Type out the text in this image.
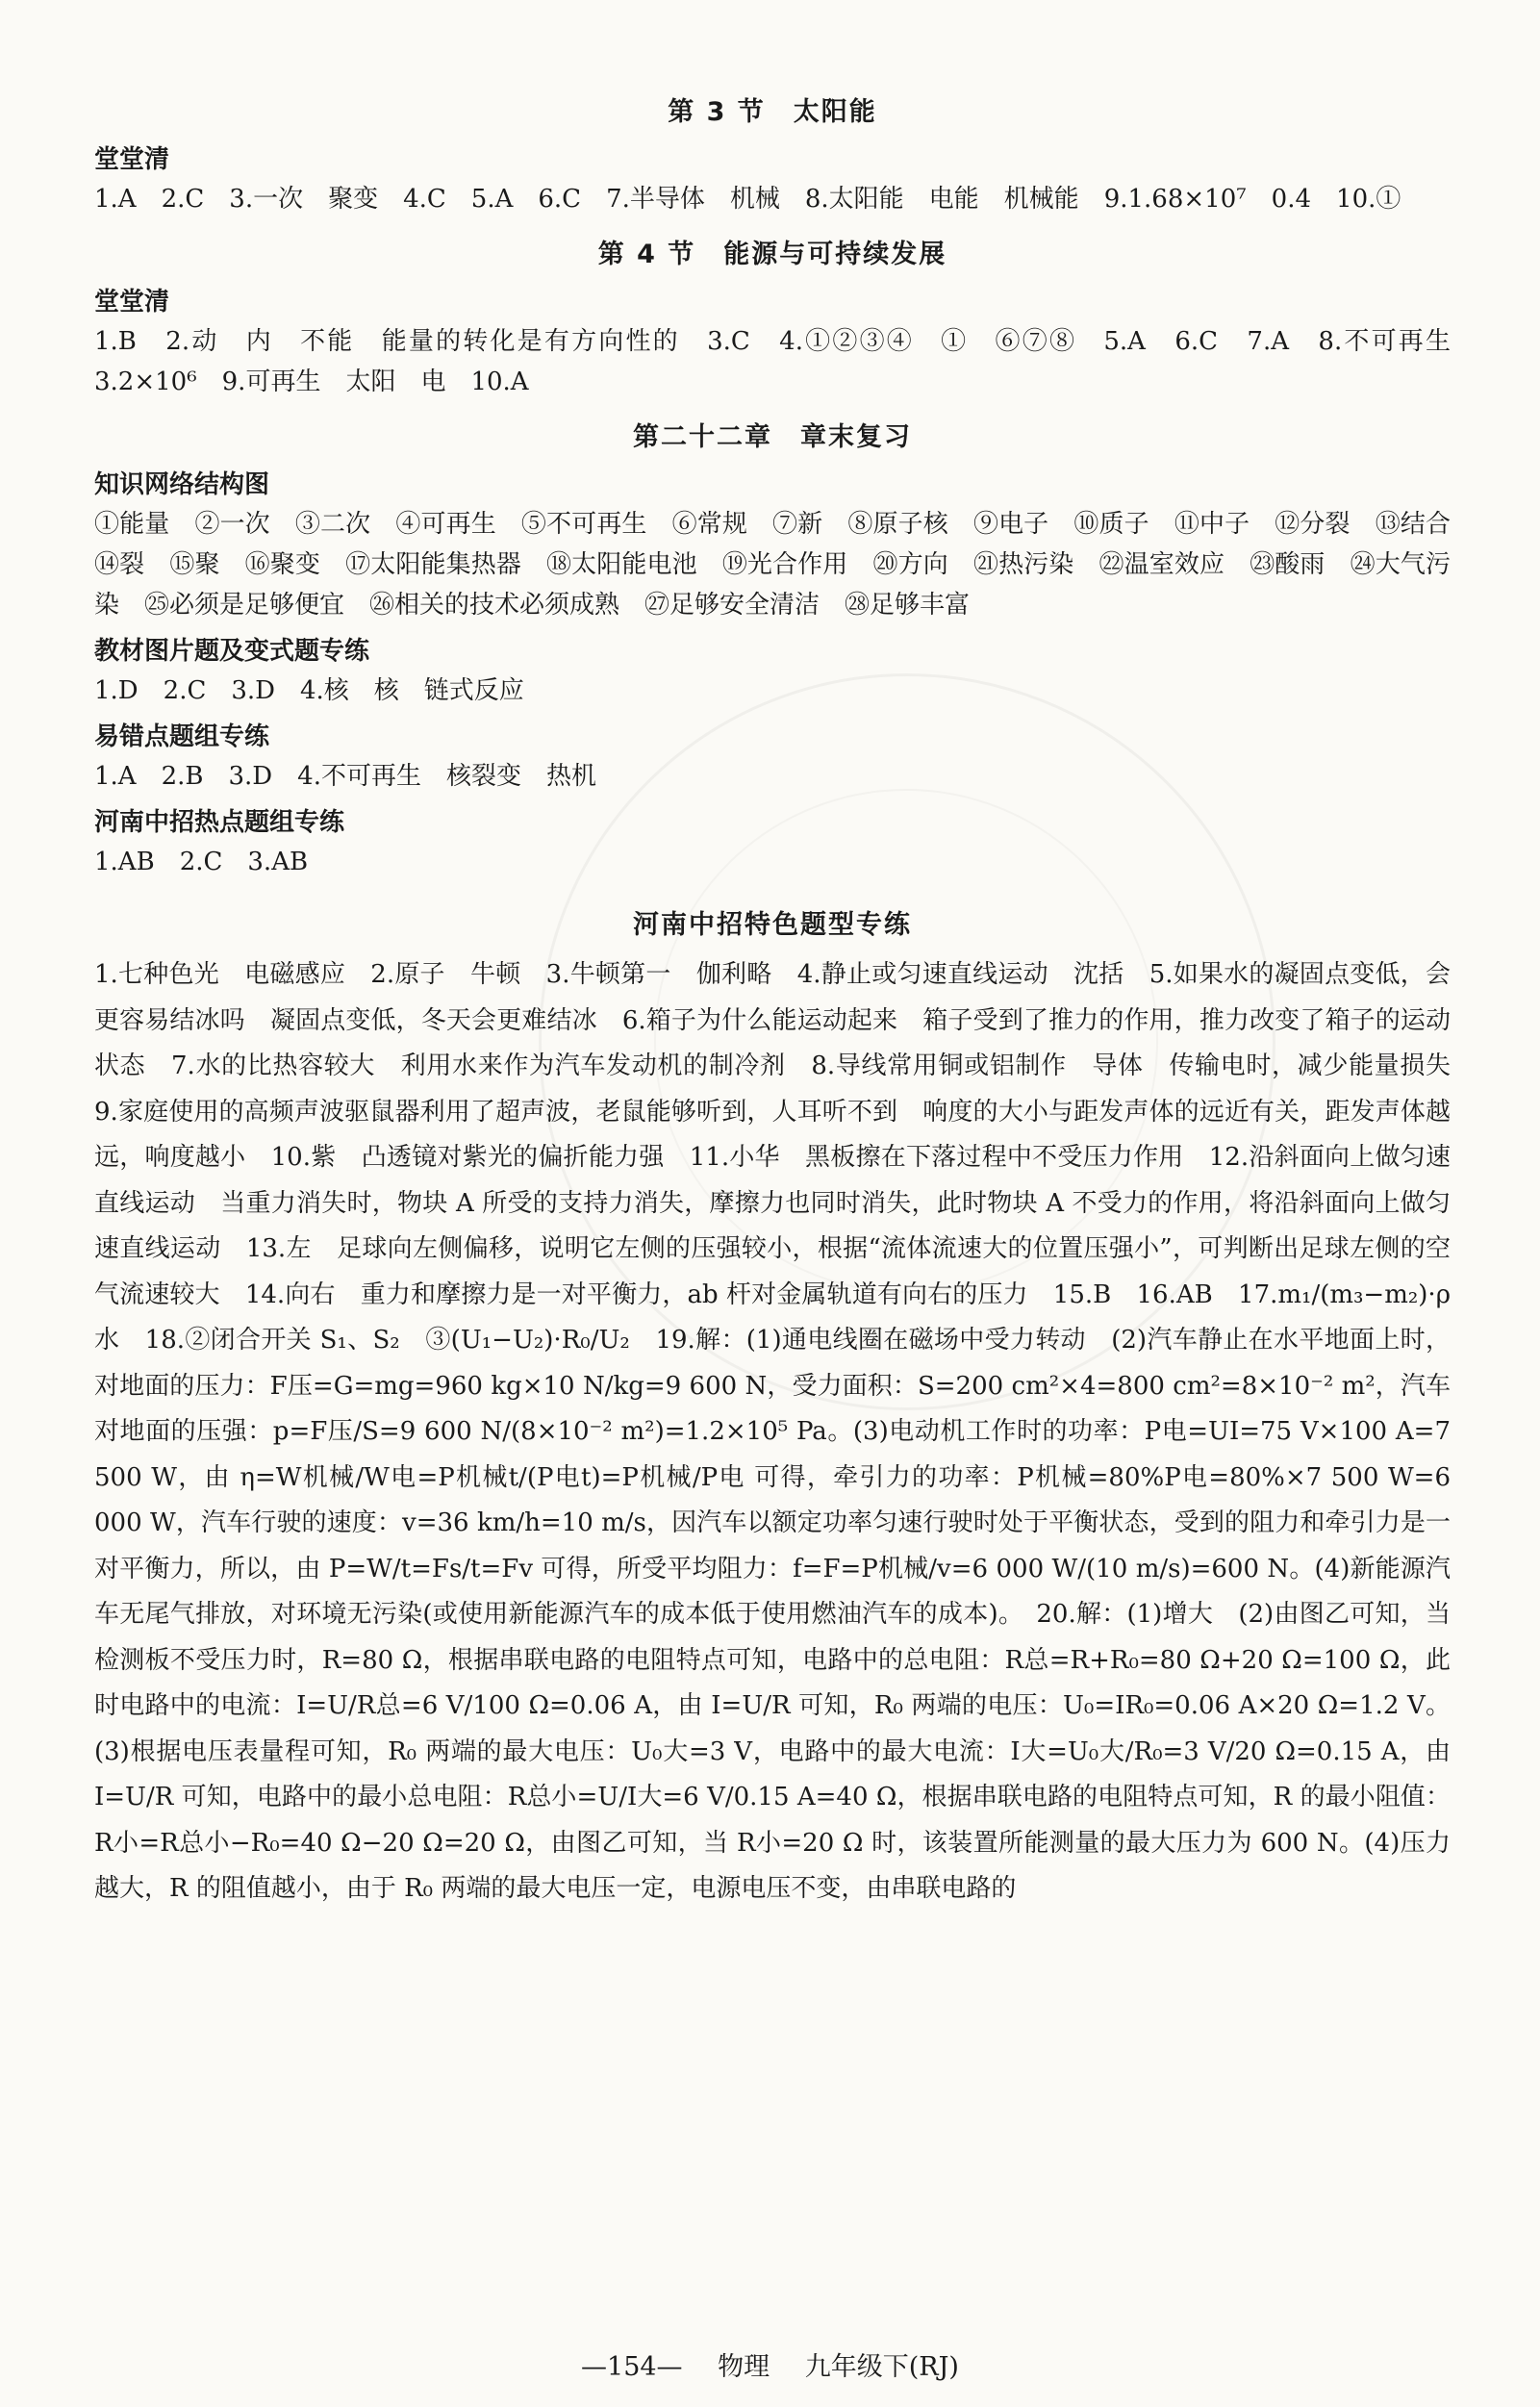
第 3 节　太阳能
堂堂清

1.A　2.C　3.一次　聚变　4.C　5.A　6.C　7.半导体　机械　8.太阳能　电能　机械能　9.1.68×10⁷　0.4　10.①

第 4 节　能源与可持续发展
堂堂清

1.B　2.动　内　不能　能量的转化是有方向性的　3.C　4.①②③④　①　⑥⑦⑧　5.A　6.C　7.A　8.不可再生　3.2×10⁶　9.可再生　太阳　电　10.A

第二十二章　章末复习
知识网络结构图

①能量　②一次　③二次　④可再生　⑤不可再生　⑥常规　⑦新　⑧原子核　⑨电子　⑩质子　⑪中子　⑫分裂　⑬结合　⑭裂　⑮聚　⑯聚变　⑰太阳能集热器　⑱太阳能电池　⑲光合作用　⑳方向　㉑热污染　㉒温室效应　㉓酸雨　㉔大气污染　㉕必须是足够便宜　㉖相关的技术必须成熟　㉗足够安全清洁　㉘足够丰富

教材图片题及变式题专练

1.D　2.C　3.D　4.核　核　链式反应

易错点题组专练

1.A　2.B　3.D　4.不可再生　核裂变　热机

河南中招热点题组专练

1.AB　2.C　3.AB

河南中招特色题型专练

1.七种色光　电磁感应　2.原子　牛顿　3.牛顿第一　伽利略　4.静止或匀速直线运动　沈括　5.如果水的凝固点变低，会更容易结冰吗　凝固点变低，冬天会更难结冰　6.箱子为什么能运动起来　箱子受到了推力的作用，推力改变了箱子的运动状态　7.水的比热容较大　利用水来作为汽车发动机的制冷剂　8.导线常用铜或铝制作　导体　传输电时，减少能量损失　9.家庭使用的高频声波驱鼠器利用了超声波，老鼠能够听到，人耳听不到　响度的大小与距发声体的远近有关，距发声体越远，响度越小　10.紫　凸透镜对紫光的偏折能力强　11.小华　黑板擦在下落过程中不受压力作用　12.沿斜面向上做匀速直线运动　当重力消失时，物块 A 所受的支持力消失，摩擦力也同时消失，此时物块 A 不受力的作用，将沿斜面向上做匀速直线运动　13.左　足球向左侧偏移，说明它左侧的压强较小，根据“流体流速大的位置压强小”，可判断出足球左侧的空气流速较大　14.向右　重力和摩擦力是一对平衡力，ab 杆对金属轨道有向右的压力　15.B　16.AB　17.m₁/(m₃−m₂)·ρ水　18.②闭合开关 S₁、S₂　③(U₁−U₂)·R₀/U₂　19.解：(1)通电线圈在磁场中受力转动　(2)汽车静止在水平地面上时，对地面的压力：F压=G=mg=960 kg×10 N/kg=9 600 N，受力面积：S=200 cm²×4=800 cm²=8×10⁻² m²，汽车对地面的压强：p=F压/S=9 600 N/(8×10⁻² m²)=1.2×10⁵ Pa。(3)电动机工作时的功率：P电=UI=75 V×100 A=7 500 W，由 η=W机械/W电=P机械t/(P电t)=P机械/P电 可得，牵引力的功率：P机械=80%P电=80%×7 500 W=6 000 W，汽车行驶的速度：v=36 km/h=10 m/s，因汽车以额定功率匀速行驶时处于平衡状态，受到的阻力和牵引力是一对平衡力，所以，由 P=W/t=Fs/t=Fv 可得，所受平均阻力：f=F=P机械/v=6 000 W/(10 m/s)=600 N。(4)新能源汽车无尾气排放，对环境无污染(或使用新能源汽车的成本低于使用燃油汽车的成本)。　20.解：(1)增大　(2)由图乙可知，当检测板不受压力时，R=80 Ω，根据串联电路的电阻特点可知，电路中的总电阻：R总=R+R₀=80 Ω+20 Ω=100 Ω，此时电路中的电流：I=U/R总=6 V/100 Ω=0.06 A，由 I=U/R 可知，R₀ 两端的电压：U₀=IR₀=0.06 A×20 Ω=1.2 V。(3)根据电压表量程可知，R₀ 两端的最大电压：U₀大=3 V，电路中的最大电流：I大=U₀大/R₀=3 V/20 Ω=0.15 A，由 I=U/R 可知，电路中的最小总电阻：R总小=U/I大=6 V/0.15 A=40 Ω，根据串联电路的电阻特点可知，R 的最小阻值：R小=R总小−R₀=40 Ω−20 Ω=20 Ω，由图乙可知，当 R小=20 Ω 时，该装置所能测量的最大压力为 600 N。(4)压力越大，R 的阻值越小，由于 R₀ 两端的最大电压一定，电源电压不变，由串联电路的

—154— 物理 九年级下(RJ)
